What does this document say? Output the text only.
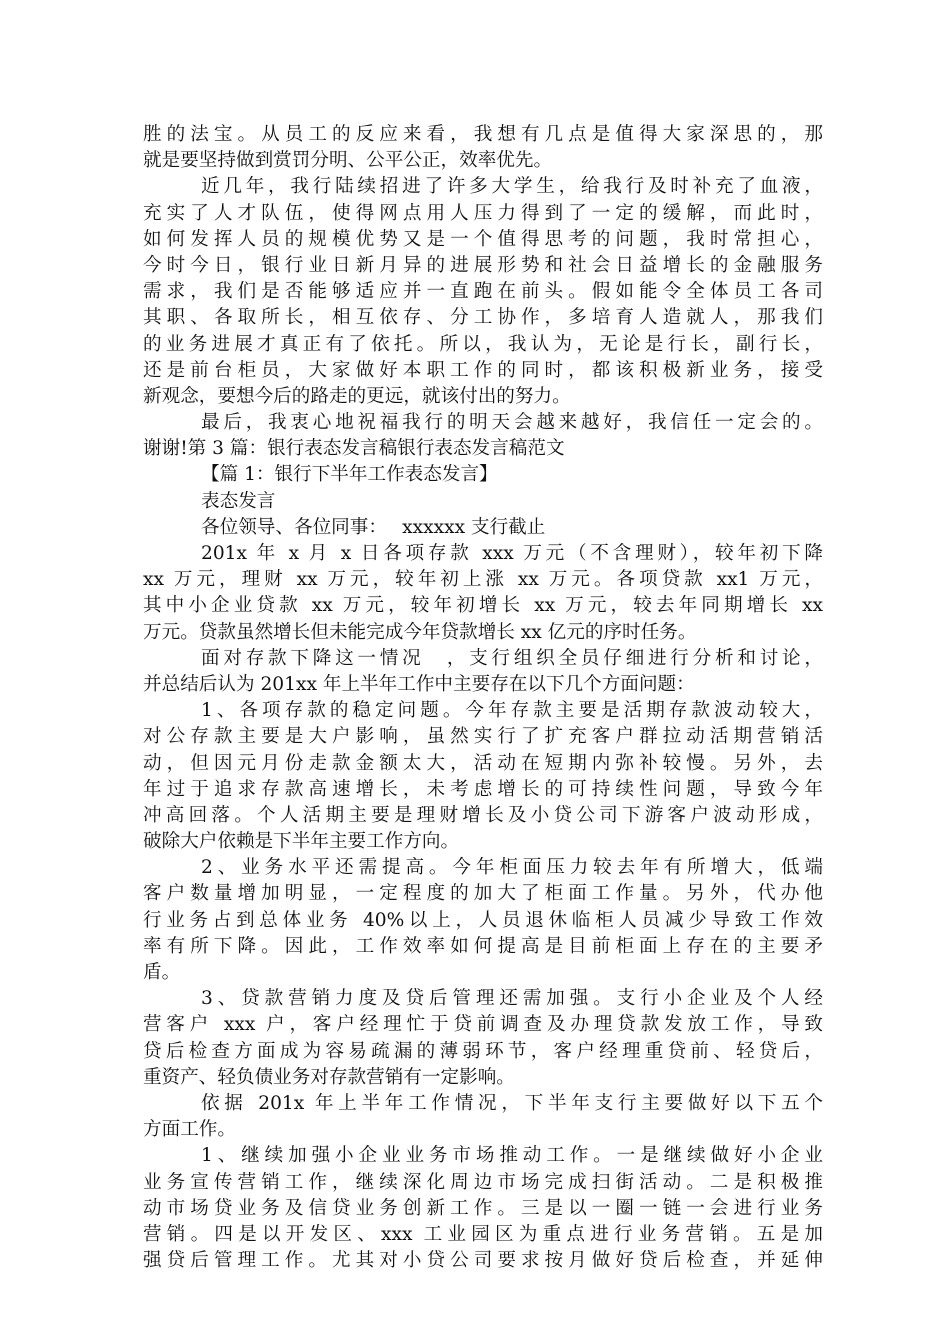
胜的法宝。从员工的反应来看，我想有几点是值得大家深思的，那
就是要坚持做到赏罚分明、公平公正，效率优先。
近几年，我行陆续招进了许多大学生，给我行及时补充了血液，
充实了人才队伍，使得网点用人压力得到了一定的缓解，而此时，
如何发挥人员的规模优势又是一个值得思考的问题，我时常担心，
今时今日，银行业日新月异的进展形势和社会日益增长的金融服务
需求，我们是否能够适应并一直跑在前头。假如能令全体员工各司
其职、各取所长，相互依存、分工协作，多培育人造就人，那我们
的业务进展才真正有了依托。所以，我认为，无论是行长，副行长，
还是前台柜员，大家做好本职工作的同时，都该积极新业务，接受
新观念，要想今后的路走的更远，就该付出的努力。
最后，我衷心地祝福我行的明天会越来越好，我信任一定会的。
谢谢!第 3 篇：银行表态发言稿银行表态发言稿范文
【篇 1：银行下半年工作表态发言】
表态发言
各位领导、各位同事：　 xxxxxx 支行截止
201x 年 x 月 x 日各项存款 xxx 万元（不含理财），较年初下降
xx 万元，理财 xx 万元，较年初上涨 xx 万元。各项贷款 xx1 万元，
其中小企业贷款 xx 万元，较年初增长 xx 万元，较去年同期增长 xx
万元。贷款虽然增长但未能完成今年贷款增长 xx 亿元的序时任务。
面对存款下降这一情况　，支行组织全员仔细进行分析和讨论，
并总结后认为 201xx 年上半年工作中主要存在以下几个方面问题：
1、各项存款的稳定问题。今年存款主要是活期存款波动较大，
对公存款主要是大户影响，虽然实行了扩充客户群拉动活期营销活
动，但因元月份走款金额太大，活动在短期内弥补较慢。另外，去
年过于追求存款高速增长，未考虑增长的可持续性问题，导致今年
冲高回落。个人活期主要是理财增长及小贷公司下游客户波动形成，
破除大户依赖是下半年主要工作方向。
2、业务水平还需提高。今年柜面压力较去年有所增大，低端
客户数量增加明显，一定程度的加大了柜面工作量。另外，代办他
行业务占到总体业务 40%以上，人员退休临柜人员减少导致工作效
率有所下降。因此，工作效率如何提高是目前柜面上存在的主要矛
盾。
3、贷款营销力度及贷后管理还需加强。支行小企业及个人经
营客户 xxx 户，客户经理忙于贷前调查及办理贷款发放工作，导致
贷后检查方面成为容易疏漏的薄弱环节，客户经理重贷前、轻贷后，
重资产、轻负债业务对存款营销有一定影响。
依据 201x 年上半年工作情况，下半年支行主要做好以下五个
方面工作。
1、继续加强小企业业务市场推动工作。一是继续做好小企业
业务宣传营销工作，继续深化周边市场完成扫街活动。二是积极推
动市场贷业务及信贷业务创新工作。三是以一圈一链一会进行业务
营销。四是以开发区、xxx 工业园区为重点进行业务营销。五是加
强贷后管理工作。尤其对小贷公司要求按月做好贷后检查，并延伸
